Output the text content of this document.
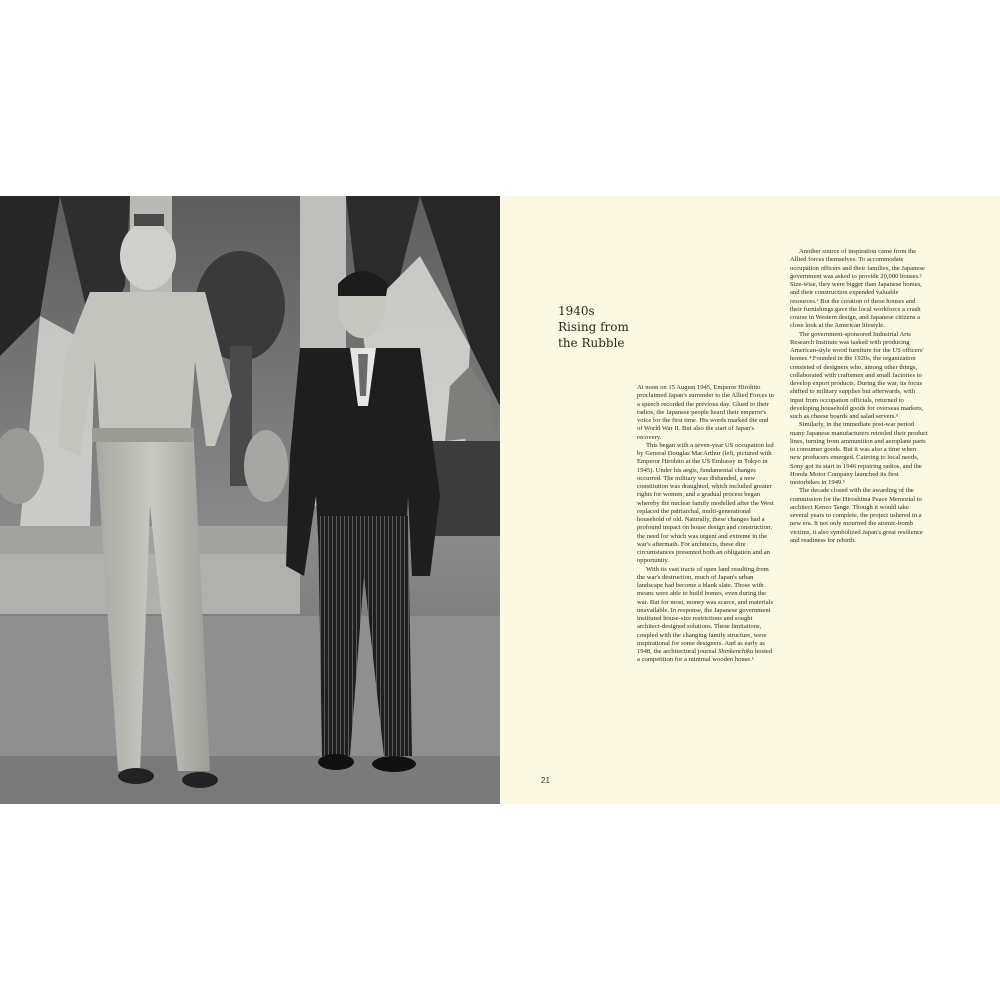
1940s
Rising from
the Rubble

At noon on 15 August 1945, Emperor Hirohito proclaimed Japan's surrender to the Allied Forces in a speech recorded the previous day. Glued to their radios, the Japanese people heard their emperor's voice for the first time. His words marked the end of World War II. But also the start of Japan's recovery.

This began with a seven-year US occupation led by General Douglas MacArthur (left, pictured with Emperor Hirohito at the US Embassy in Tokyo in 1945). Under his aegis, fundamental changes occurred. The military was disbanded, a new constitution was draughted, which included greater rights for women, and a gradual process began whereby the nuclear family modelled after the West replaced the patriarchal, multi-generational household of old. Naturally, these changes had a profound impact on house design and construction, the need for which was urgent and extreme in the war's aftermath. For architects, these dire circumstances presented both an obligation and an opportunity.

With its vast tracts of open land resulting from the war's destruction, much of Japan's urban landscape had become a blank slate. Those with means were able to build homes, even during the war. But for most, money was scarce, and materials unavailable. In response, the Japanese government instituted house-size restrictions and sought architect-designed solutions. These limitations, coupled with the changing family structure, were inspirational for some designers. And as early as 1948, the architectural journal Shinkenchiku hosted a competition for a minimal wooden house.¹

Another source of inspiration came from the Allied forces themselves. To accommodate occupation officers and their families, the Japanese government was asked to provide 20,000 houses.² Size-wise, they were bigger than Japanese homes, and their construction expended valuable resources.³ But the creation of these houses and their furnishings gave the local workforce a crash course in Western design, and Japanese citizens a close look at the American lifestyle.

The government-sponsored Industrial Arts Research Institute was tasked with producing American-style wood furniture for the US officers' homes.⁴ Founded in the 1920s, the organization consisted of designers who, among other things, collaborated with craftsmen and small factories to develop export products. During the war, its focus shifted to military supplies but afterwards, with input from occupation officials, returned to developing household goods for overseas markets, such as cheese boards and salad servers.⁵

Similarly, in the immediate post-war period many Japanese manufacturers retooled their product lines, turning from ammunition and aeroplane parts to consumer goods. But it was also a time when new producers emerged. Catering to local needs, Sony got its start in 1946 repairing radios, and the Honda Motor Company launched its first motorbikes in 1949.⁶

The decade closed with the awarding of the commission for the Hiroshima Peace Memorial to architect Kenzo Tange. Though it would take several years to complete, the project ushered in a new era. It not only mourned the atomic-bomb victims, it also symbolized Japan's great resilience and readiness for rebirth.

21
